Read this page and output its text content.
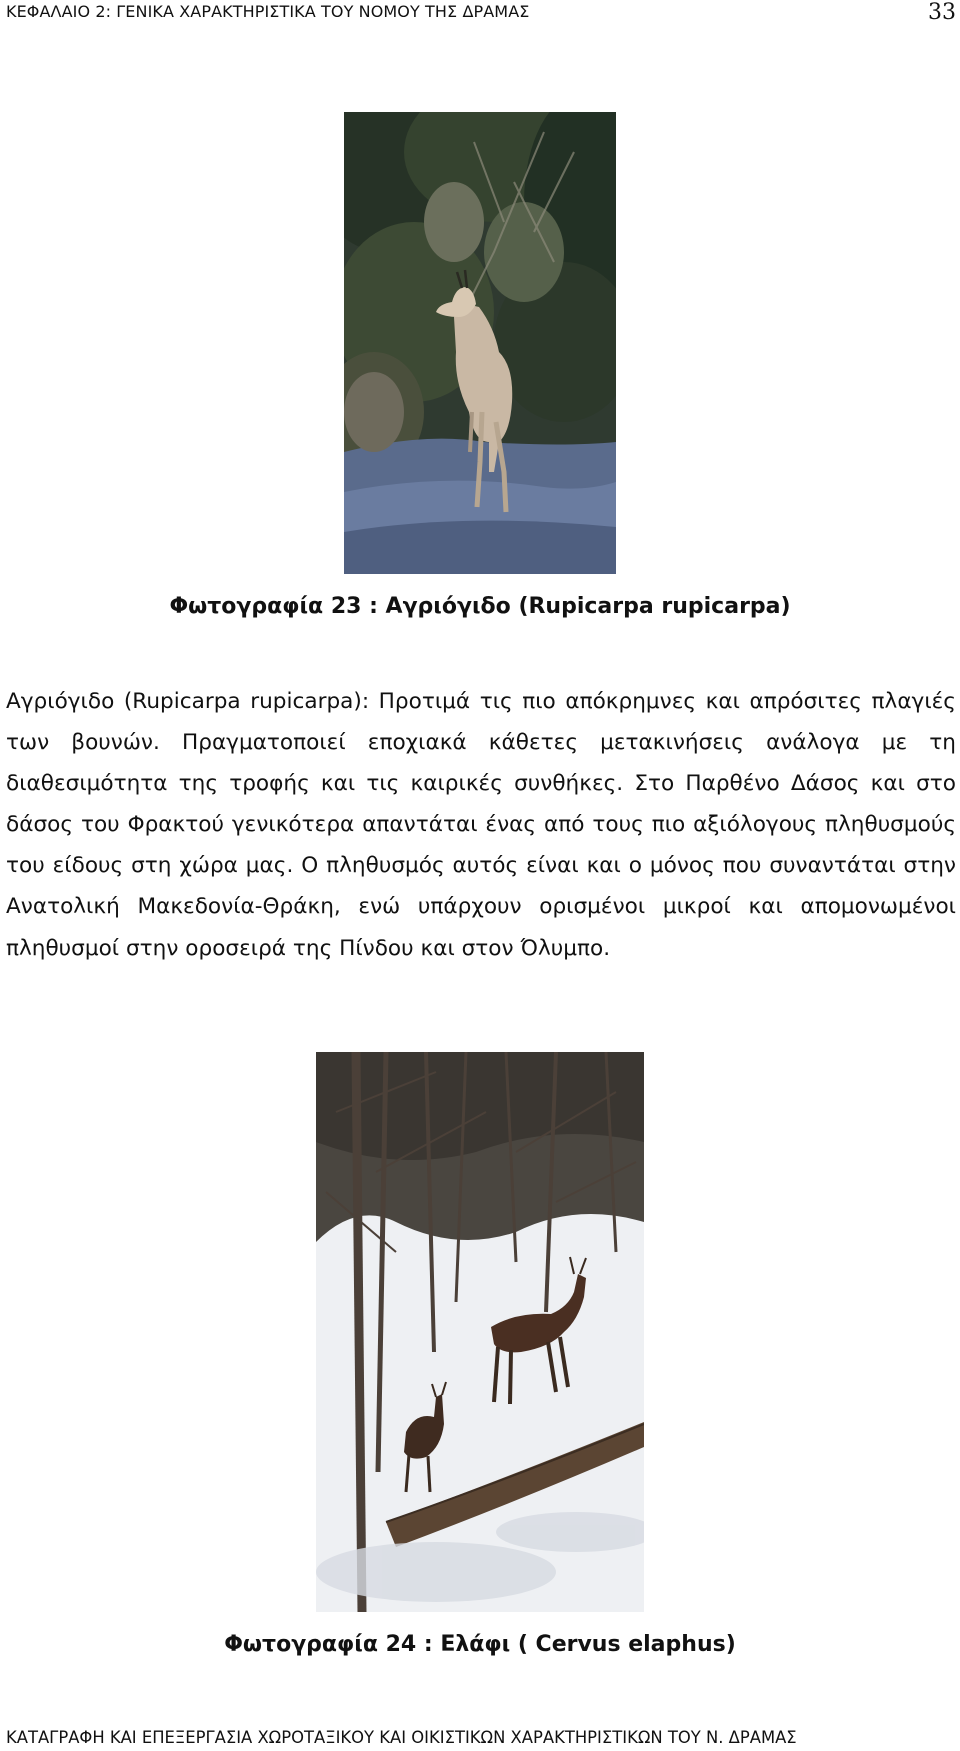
ΚΕΦΑΛΑΙΟ 2: ΓΕΝΙΚΑ ΧΑΡΑΚΤΗΡΙΣΤΙΚΑ ΤΟΥ ΝΟΜΟΥ ΤΗΣ ΔΡΑΜΑΣ	33
Φωτογραφία 23 : Αγριόγιδο (Rupicarpa rupicarpa)

Αγριόγιδο (Rupicarpa rupicarpa): Προτιμά τις πιο απόκρημνες και απρόσιτες πλαγιές των βουνών. Πραγματοποιεί εποχιακά κάθετες μετακινήσεις ανάλογα με τη διαθεσιμότητα της τροφής και τις καιρικές συνθήκες. Στο Παρθένο Δάσος και στο δάσος του Φρακτού γενικότερα απαντάται ένας από τους πιο αξιόλογους πληθυσμούς του είδους στη χώρα μας. Ο πληθυσμός αυτός είναι και ο μόνος που συναντάται στην Ανατολική Μακεδονία-Θράκη, ενώ υπάρχουν ορισμένοι μικροί και απομονωμένοι πληθυσμοί στην οροσειρά της Πίνδου και στον Όλυμπο.

Φωτογραφία 24 : Ελάφι ( Cervus elaphus)
ΚΑΤΑΓΡΑΦΗ ΚΑΙ ΕΠΕΞΕΡΓΑΣΙΑ ΧΩΡΟΤΑΞΙΚΟΥ ΚΑΙ ΟΙΚΙΣΤΙΚΩΝ ΧΑΡΑΚΤΗΡΙΣΤΙΚΩΝ ΤΟΥ Ν. ΔΡΑΜΑΣ
